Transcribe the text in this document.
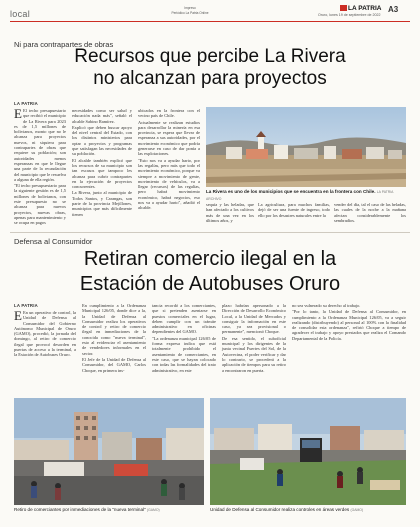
local
Impreso
Periódico La Patria Online
LA PATRIA
Oruro, lunes 19 de septiembre de 2022
A3
Ni para contrapartes de obras
Recursos que percibe La Rivera
no alcanzan para proyectos
LA PATRIA

E El techo presupuestario que recibió el municipio de La Rivera para 2023 es de 1,5 millones de bolivianos, monto que no le alcanza para proyectos nuevos, ni siquiera para contrapartes de obras que requiere su población; son autoridades menos esperanzas en que le llegue una parte de la recaudación del municipio que le resuelva a alguna de ella región.

"El techo presupuestario para la siguiente gestión es de 1,5 millones de bolivianos, con este presupuesto no se alcanza para nuevos proyectos, nuevas obras, apenas para mantenimiento y se ocupa en pagos

necesidades como ser salud y educación nada más", señaló el alcalde Sabino Ramírez.

Explicó que deben buscar apoyo del nivel central del Estado, con los distintos ministerios para optar a proyectos y programas que satisfagan las necesidades de su población.

El alcalde también explicó que los recursos de su municipio son tan escasos que tampoco les alcanza para cubrir contrapartes en la ejecución de proyectos concurrentes.

La Rivera, junto al municipio de Todos Santos, y Carangas, son parte de la provincia Mejillones, municipios que más difícilmente tienen

ubicados en la frontera con el vecino país de Chile.

Actualmente se realizan estudios para desarrollar la minería en esa provincia, se espera que llevar de esperanza a sus autoridades, por el movimiento económico que podría generarse en caso de dar ponía a las explotaciones.

"Esto nos va a ayudar harto, por las regalías, pero más que todo el movimiento económico, porque va siempre a movimiento de gente, movimiento de vehículos, va a llegar (recursos) de las regalías, pero habrá movimiento económico, habrá negocios, eso nos va a ayudar harto", añadió el alcalde.

La Rivera es uno de los municipios que se encuentra en la frontera con Chile. LA PATRIA ARCHIVO

La agricultura, para muchos familias, dejó de ser una fuente de ingreso, todo ello por los desastres naturales entre la

vender del día, tal el caso de las heladas, las cuales de la noche a la mañana afectan considerablemente los sembradíos.

sequía y las heladas, que han afectado a los cultivos más de una vez en los últimos años, y

Defensa al Consumidor
Retiran comercio ilegal en la
Estación de Autobuses Oruro
LA PATRIA

E En un operativo de control, la Unidad de Defensa al Consumidor del Gobierno Autónomo Municipal de Oruro (GAMO), procedió, la jornada del domingo, al retiro de comercio ilegal que provocó desorden en puertas de acceso a la terminal, a la Estación de Autobuses Oruro.

En cumplimiento a la Ordenanza Municipal 126/05, donde dice a la, la Unidad de Defensa al Consumidor realiza los operativos de control y retiro de comercio ilegal en inmediaciones de la conocida como "nueva terminal", esto al evidenciar el asentamiento de vendedores informales en el sector.

El Jefe de la Unidad de Defensa al Consumidor, del GAMO, Carlos Choque, en primera ins-

tancia recordó a los comerciantes, que si pretenden asentarse en puestos comerciales en el lugar, deben cumplir con un trámite administrativo en oficinas dependientes del GAMO.

"La ordenanza municipal 126/05 de forma expresa indica que está totalmente prohibido el asentamiento de comerciantes, en este caso, que se hayan colocado con todas las formalidades del trato administrativo, en este

plazo habrían apersonado a la Dirección de Desarrollo Económico Local, a la Unidad de Mercados y consiguir la información en este caso, ya sea provisional o permanente", mencionó Choque.

De esa sentido, el subofícial municipal y los dirigentes de la junta vecinal Fuertes del Sol, de la Autovecina, el poder verificar y dar lo contrario, se procederá a la aplicación de tiempos para su retiro a encontraron en puerta.

no sea vulnerado su derecho al trabajo.

"Por lo tanto, la Unidad de Defensa al Consumidor, en cumplimiento a la Ordenanza Municipal 126/05, va a seguir realizando (distribuyendo) al personal al 100% con la finalidad de consolidar esta ordenanza", refirió Choque a tiempo de agradecer el trabajo y apoyo prestados que realiza el Comando Departamental de la Policía.

Retiro de comerciantes por inmediaciones de la "nueva terminal" (GAMO)	Unidad de Defensa al Consumidor realiza controles en áreas verdes (GAMO)
